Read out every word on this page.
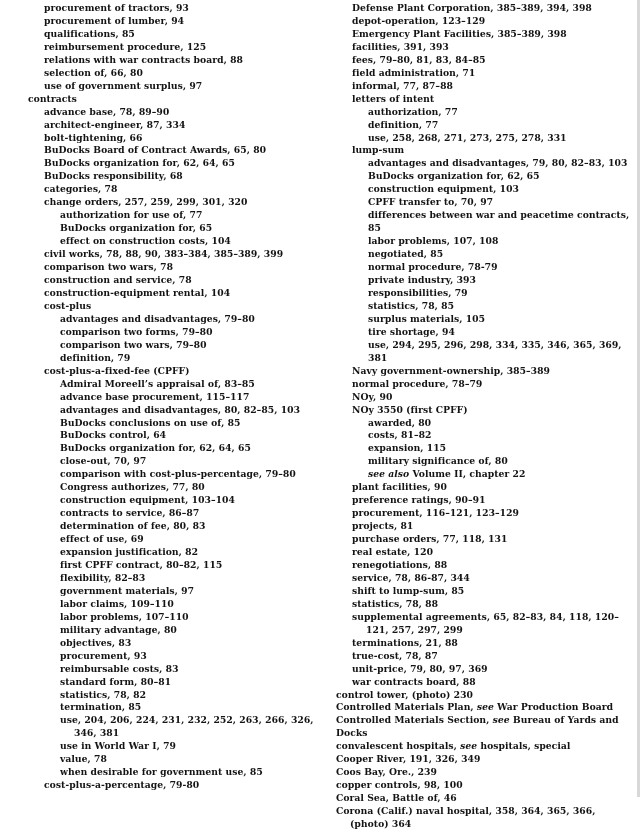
procurement of tractors, 93
procurement of lumber, 94
qualifications, 85
reimbursement procedure, 125
relations with war contracts board, 88
selection of, 66, 80
use of government surplus, 97
contracts
advance base, 78, 89–90
architect-engineer, 87, 334
bolt-tightening, 66
BuDocks Board of Contract Awards, 65, 80
BuDocks organization for, 62, 64, 65
BuDocks responsibility, 68
categories, 78
change orders, 257, 259, 299, 301, 320
authorization for use of, 77
BuDocks organization for, 65
effect on construction costs, 104
civil works, 78, 88, 90, 383–384, 385–389, 399
comparison two wars, 78
construction and service, 78
construction-equipment rental, 104
cost-plus
advantages and disadvantages, 79–80
comparison two forms, 79–80
comparison two wars, 79–80
definition, 79
cost-plus-a-fixed-fee (CPFF)
Admiral Moreell’s appraisal of, 83–85
advance base procurement, 115–117
advantages and disadvantages, 80, 82–85, 103
BuDocks conclusions on use of, 85
BuDocks control, 64
BuDocks organization for, 62, 64, 65
close-out, 70, 97
comparison with cost-plus-percentage, 79–80
Congress authorizes, 77, 80
construction equipment, 103–104
contracts to service, 86–87
determination of fee, 80, 83
effect of use, 69
expansion justification, 82
first CPFF contract, 80–82, 115
flexibility, 82–83
government materials, 97
labor claims, 109–110
labor problems, 107–110
military advantage, 80
objectives, 83
procurement, 93
reimbursable costs, 83
standard form, 80–81
statistics, 78, 82
termination, 85
use, 204, 206, 224, 231, 232, 252, 263, 266, 326, 346, 381
use in World War I, 79
value, 78
when desirable for government use, 85
cost-plus-a-percentage, 79-80
Defense Plant Corporation, 385–389, 394, 398
depot-operation, 123–129
Emergency Plant Facilities, 385–389, 398
facilities, 391, 393
fees, 79–80, 81, 83, 84–85
field administration, 71
informal, 77, 87–88
letters of intent
authorization, 77
definition, 77
use, 258, 268, 271, 273, 275, 278, 331
lump-sum
advantages and disadvantages, 79, 80, 82–83, 103
BuDocks organization for, 62, 65
construction equipment, 103
CPFF transfer to, 70, 97
differences between war and peacetime contracts, 85
labor problems, 107, 108
negotiated, 85
normal procedure, 78-79
private industry, 393
responsibilities, 79
statistics, 78, 85
surplus materials, 105
tire shortage, 94
use, 294, 295, 296, 298, 334, 335, 346, 365, 369, 381
Navy government-ownership, 385–389
normal procedure, 78–79
NOy, 90
NOy 3550 (first CPFF)
awarded, 80
costs, 81–82
expansion, 115
military significance of, 80
see also Volume II, chapter 22
plant facilities, 90
preference ratings, 90–91
procurement, 116–121, 123–129
projects, 81
purchase orders, 77, 118, 131
real estate, 120
renegotiations, 88
service, 78, 86-87, 344
shift to lump-sum, 85
statistics, 78, 88
supplemental agreements, 65, 82–83, 84, 118, 120–121, 257, 297, 299
terminations, 21, 88
true-cost, 78, 87
unit-price, 79, 80, 97, 369
war contracts board, 88
control tower, (photo) 230
Controlled Materials Plan, see War Production Board
Controlled Materials Section, see Bureau of Yards and Docks
convalescent hospitals, see hospitals, special
Cooper River, 191, 326, 349
Coos Bay, Ore., 239
copper controls, 98, 100
Coral Sea, Battle of, 46
Corona (Calif.) naval hospital, 358, 364, 365, 366, (photo) 364
